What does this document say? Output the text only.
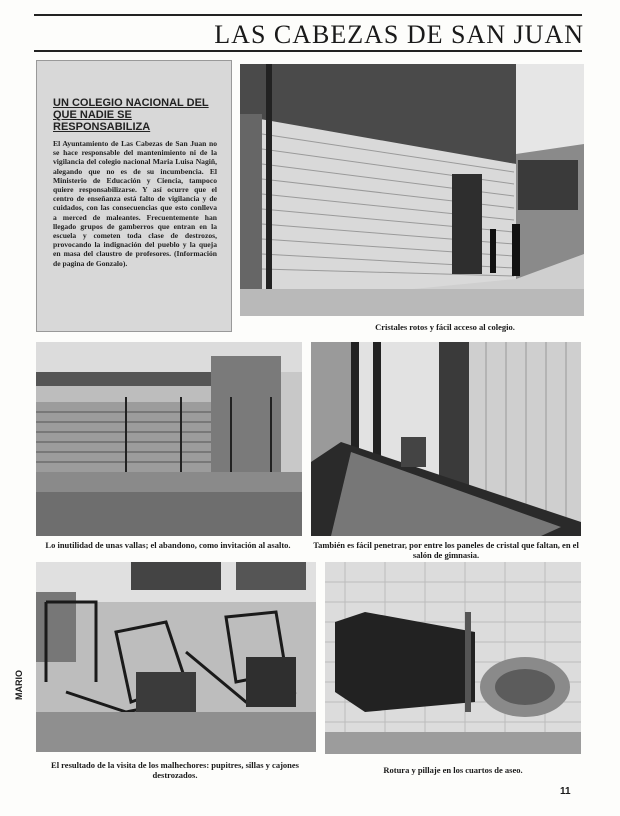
LAS CABEZAS DE SAN JUAN

UN COLEGIO NACIONAL DEL QUE NADIE SE RESPONSABILIZA

El Ayuntamiento de Las Cabezas de San Juan no se hace responsable del mantenimiento ni de la vigilancia del colegio nacional Maria Luisa Nagiñ, alegando que no es de su incumbencia. El Ministerio de Educación y Ciencia, tampoco quiere responsabilizarse. Y así ocurre que el centro de enseñanza está falto de vigilancia y de cuidados, con las consecuencias que esto conlleva a merced de maleantes. Frecuentemente han llegado grupos de gamberros que entran en la escuela y cometen toda clase de destrozos, provocando la indignación del pueblo y la queja en masa del claustro de profesores. (Información de pagina de Gonzalo).

Cristales rotos y fácil acceso al colegio.
Lo inutilidad de unas vallas; el abandono, como invitación al asalto.	También es fácil penetrar, por entre los paneles de cristal que faltan, en el salón de gimnasia.
El resultado de la visita de los malhechores: pupitres, sillas y cajones destrozados.	Rotura y pillaje en los cuartos de aseo.
MARIO
11
